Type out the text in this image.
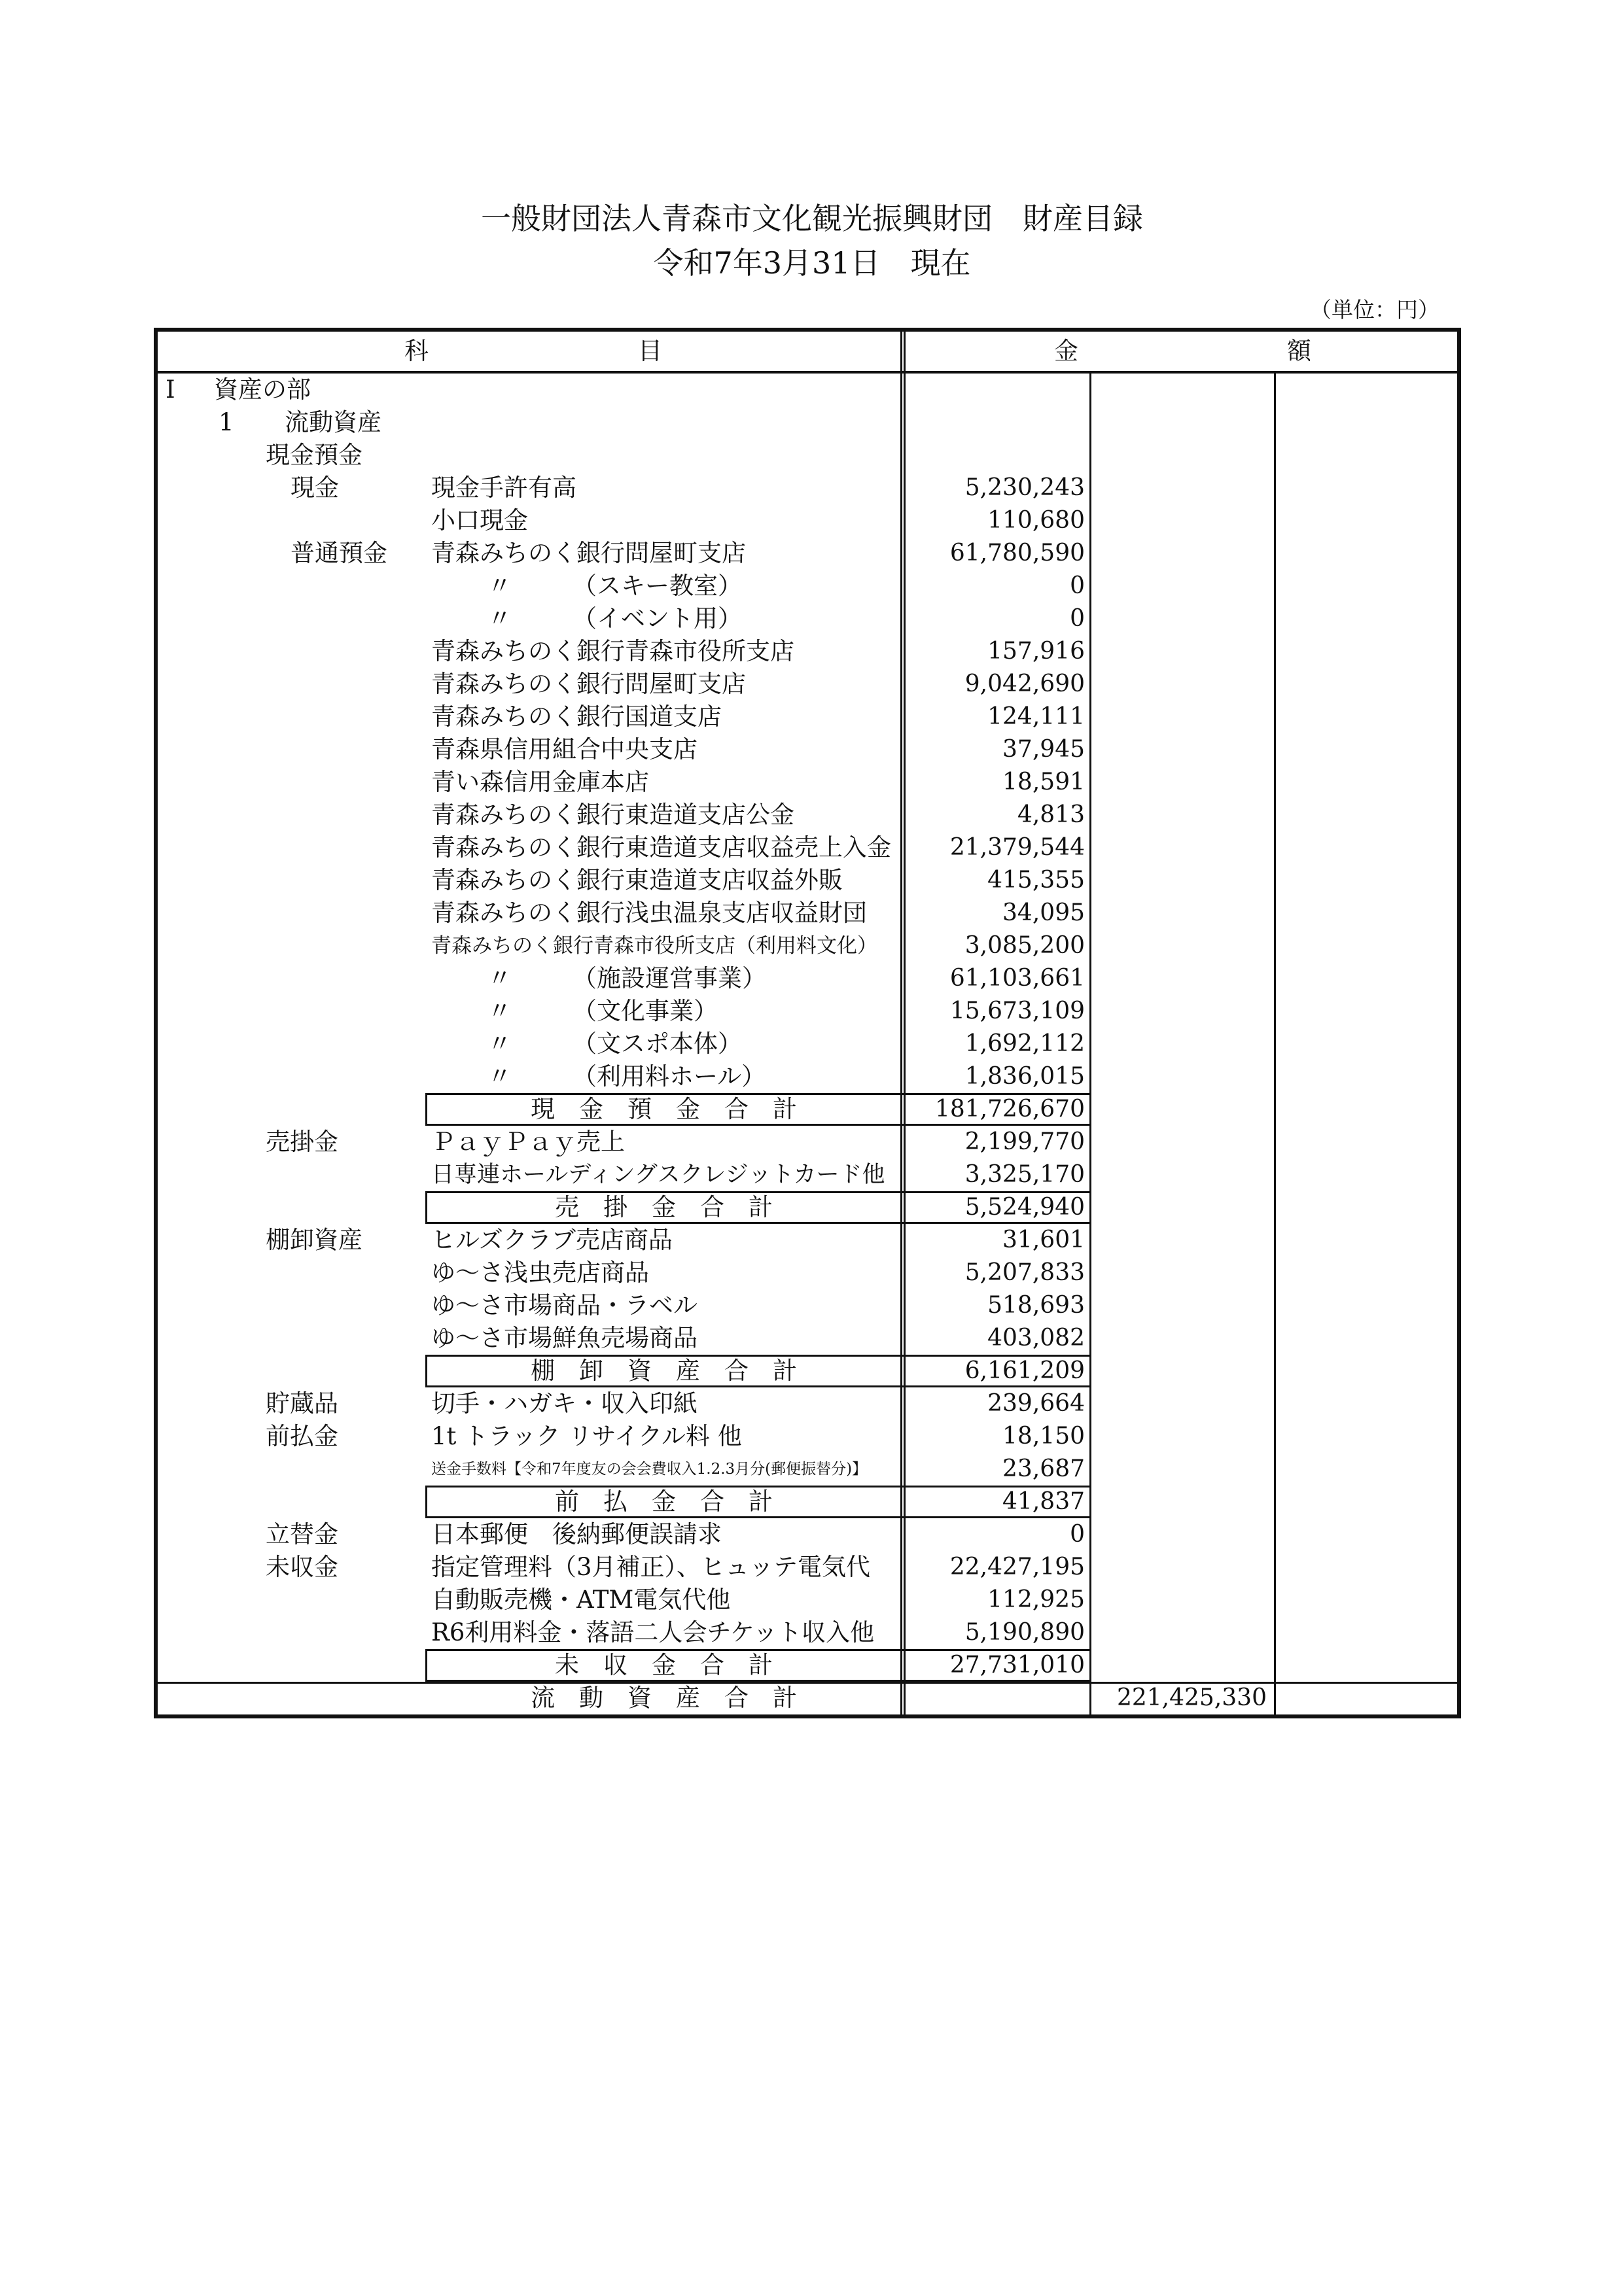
一般財団法人青森市文化観光振興財団　財産目録
令和7年3月31日　現在
（単位：円）
科	目	金	額
Ⅰ 資産の部
1 流動資産
現金預金
現金	現金手許有高	5,230,243
小口現金	110,680
普通預金 青森みちのく銀行問屋町支店	61,780,590
〃	（スキー教室）	0
〃	（イベント用）	0
青森みちのく銀行青森市役所支店	157,916
青森みちのく銀行問屋町支店	9,042,690
青森みちのく銀行国道支店	124,111
青森県信用組合中央支店	37,945
青い森信用金庫本店	18,591
青森みちのく銀行東造道支店公金	4,813
青森みちのく銀行東造道支店収益売上入金	21,379,544
青森みちのく銀行東造道支店収益外販	415,355
青森みちのく銀行浅虫温泉支店収益財団	34,095
青森みちのく銀行青森市役所支店（利用料文化）	3,085,200
〃	（施設運営事業）	61,103,661
〃	（文化事業）	15,673,109
〃	（文スポ本体）	1,692,112
〃	（利用料ホール）	1,836,015
現　金　預　金　合　計	181,726,670
売掛金	ＰａｙＰａｙ売上	2,199,770
日専連ホールディングスクレジットカード他	3,325,170
売　掛　金　合　計	5,524,940
棚卸資産	ヒルズクラブ売店商品	31,601
ゆ～さ浅虫売店商品	5,207,833
ゆ～さ市場商品・ラベル	518,693
ゆ～さ市場鮮魚売場商品	403,082
棚　卸　資　産　合　計	6,161,209
貯蔵品	切手・ハガキ・収入印紙	239,664
前払金	1t トラック リサイクル料 他	18,150
送金手数料【令和7年度友の会会費収入1.2.3月分(郵便振替分)】	23,687
前　払　金　合　計	41,837
立替金	日本郵便　後納郵便誤請求	0
未収金	指定管理料（3月補正）、ヒュッテ電気代	22,427,195
自動販売機・ATM電気代他	112,925
R6利用料金・落語二人会チケット収入他	5,190,890
未　収　金　合　計	27,731,010
流　動　資　産　合　計	221,425,330
